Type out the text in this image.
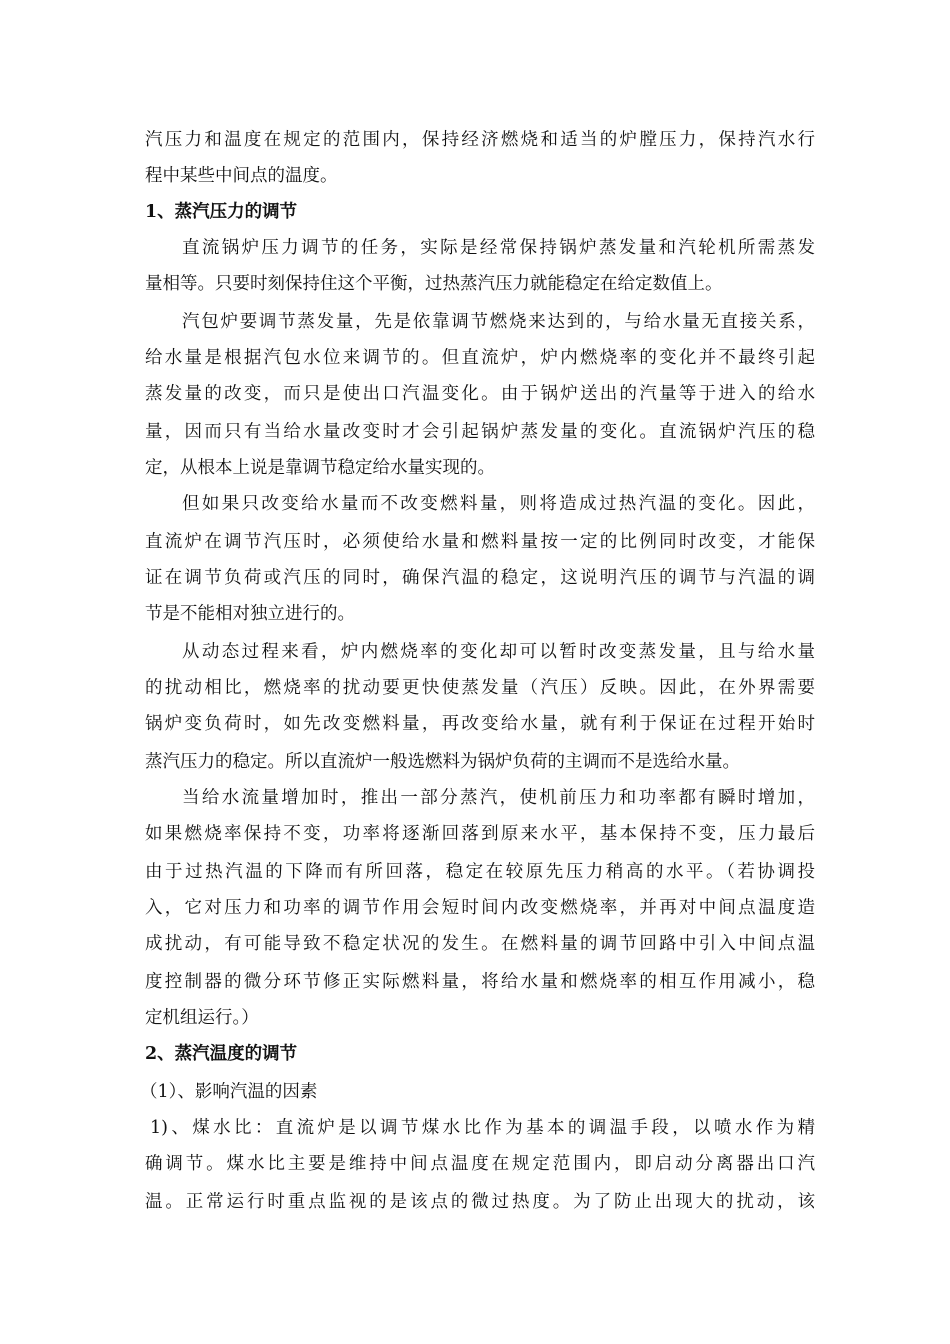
汽压力和温度在规定的范围内，保持经济燃烧和适当的炉膛压力，保持汽水行
程中某些中间点的温度。
1、蒸汽压力的调节
直流锅炉压力调节的任务，实际是经常保持锅炉蒸发量和汽轮机所需蒸发
量相等。只要时刻保持住这个平衡，过热蒸汽压力就能稳定在给定数值上。
汽包炉要调节蒸发量，先是依靠调节燃烧来达到的，与给水量无直接关系，
给水量是根据汽包水位来调节的。但直流炉，炉内燃烧率的变化并不最终引起
蒸发量的改变，而只是使出口汽温变化。由于锅炉送出的汽量等于进入的给水
量，因而只有当给水量改变时才会引起锅炉蒸发量的变化。直流锅炉汽压的稳
定，从根本上说是靠调节稳定给水量实现的。
但如果只改变给水量而不改变燃料量，则将造成过热汽温的变化。因此，
直流炉在调节汽压时，必须使给水量和燃料量按一定的比例同时改变，才能保
证在调节负荷或汽压的同时，确保汽温的稳定，这说明汽压的调节与汽温的调
节是不能相对独立进行的。
从动态过程来看，炉内燃烧率的变化却可以暂时改变蒸发量，且与给水量
的扰动相比，燃烧率的扰动要更快使蒸发量（汽压）反映。因此，在外界需要
锅炉变负荷时，如先改变燃料量，再改变给水量，就有利于保证在过程开始时
蒸汽压力的稳定。所以直流炉一般选燃料为锅炉负荷的主调而不是选给水量。
当给水流量增加时，推出一部分蒸汽，使机前压力和功率都有瞬时增加，
如果燃烧率保持不变，功率将逐渐回落到原来水平，基本保持不变，压力最后
由于过热汽温的下降而有所回落，稳定在较原先压力稍高的水平。（若协调投
入，它对压力和功率的调节作用会短时间内改变燃烧率，并再对中间点温度造
成扰动，有可能导致不稳定状况的发生。在燃料量的调节回路中引入中间点温
度控制器的微分环节修正实际燃料量，将给水量和燃烧率的相互作用减小，稳
定机组运行。）
2、蒸汽温度的调节
（1）、影响汽温的因素
1)、煤水比：直流炉是以调节煤水比作为基本的调温手段，以喷水作为精
确调节。煤水比主要是维持中间点温度在规定范围内，即启动分离器出口汽
温。正常运行时重点监视的是该点的微过热度。为了防止出现大的扰动，该
